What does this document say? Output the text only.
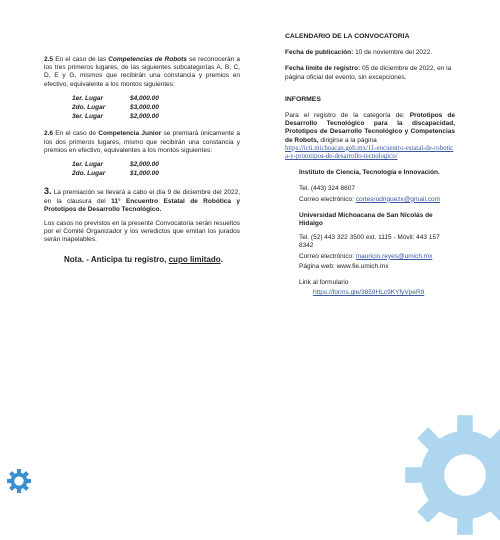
2.5 En el caso de las Competencias de Robots se reconocerán a los tres primeros lugares, de las siguientes subcategorías A, B, C, D, E y G, mismos que recibirán una constancia y premios en efectivo, equivalente a los montos siguientes:

1er. Lugar	$4,000.00
2do. Lugar	$3,000.00
3er. Lugar	$2,000.00

2.6 En el caso de Competencia Junior se premiará únicamente a los dos primeros lugares, mismo que recibirán una constancia y premios en efectivo, equivalentes a los montos siguientes:

1er. Lugar	$2,000.00
2do. Lugar	$1,000.00

3. La premiación se llevará a cabo el día 9 de diciembre del 2022, en la clausura del 11° Encuentro Estatal de Robótica y Prototipos de Desarrollo Tecnológico.

Los casos no previstos en la presente Convocatoria serán resueltos por el Comité Organizador y los veredictos que emitan los jurados serán inapelables.

Nota. - Anticipa tu registro, cupo limitado.

CALENDARIO DE LA CONVOCATORIA

Fecha de publicación: 10 de noviembre del 2022.

Fecha límite de registro: 05 de diciembre de 2022, en la página oficial del evento, sin excepciones.

INFORMES

Para el registro de la categoría de: Prototipos de Desarrollo Tecnológico para la discapacidad, Prototipos de Desarrollo Tecnológico y Competencias de Robots, dirigirse a la página

https://icti.michoacan.gob.mx/11-encuentro-estatal-de-robotica-y-prototipos-de-desarrollo-tecnologico/

Instituto de Ciencia, Tecnología e Innovación.

Tel. (443) 324 8607

Correo electrónico: cortesrodriguezx@gmail.com

Universidad Michoacana de San Nicolás de Hidalgo

Tel. (52) 443 322 3500 ext. 1115 - Móvil: 443 157 8342

Correo electrónico: mauricio.reyes@umich.mx

Página web: www.fie.umich.mx

Link al formulario

https://forms.gle/3859HLc9KYfyVpeR9
